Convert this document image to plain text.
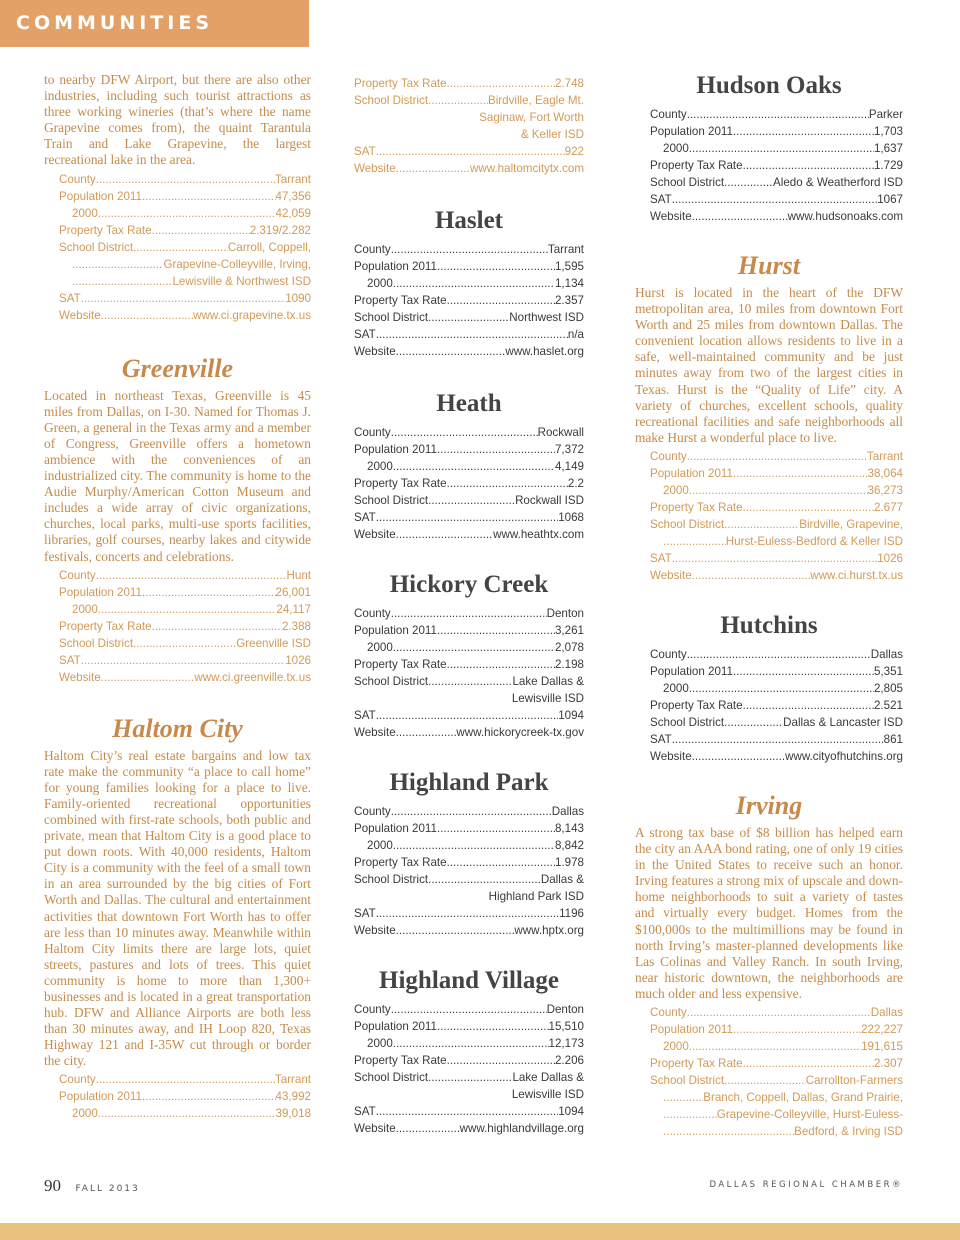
COMMUNITIES

to nearby DFW Airport, but there are also other industries, including such tourist attractions as three working wineries (that’s where the name Grapevine comes from), the quaint Tarantula Train and Lake Grapevine, the largest recreational lake in the area.

County .....	Tarrant
Population 2011. .....	47,356
2000 .....	42,059
Property Tax Rate .....	2.319/2.282
School District .....	Carroll, Coppell,
.....
Grapevine-Colleyville, Irving,
.....
Lewisville & Northwest ISD
SAT .....	1090
Website .....	www.ci.grapevine.tx.us
Greenville

Located in northeast Texas, Greenville is 45 miles from Dallas, on I-30. Named for Thomas J. Green, a general in the Texas army and a member of Congress, Greenville offers a hometown ambience with the conveniences of an industrialized city. The community is home to the Audie Murphy/American Cotton Museum and includes a wide array of civic organizations, churches, local parks, multi-use sports facilities, libraries, golf courses, nearby lakes and citywide festivals, concerts and celebrations.

County .....	Hunt
Population 2011. .....	26,001
2000 .....	24,117
Property Tax Rate .....	2.388
School District .....	Greenville ISD
SAT .....	1026
Website .....	www.ci.greenville.tx.us
Haltom City

Haltom City’s real estate bargains and low tax rate make the community “a place to call home” for young families looking for a place to live. Family-oriented recreational opportunities combined with first-rate schools, both public and private, mean that Haltom City is a good place to put down roots. With 40,000 residents, Haltom City is a community with the feel of a small town in an area surrounded by the big cities of Fort Worth and Dallas. The cultural and entertainment activities that downtown Fort Worth has to offer are less than 10 minutes away. Meanwhile within Haltom City limits there are large lots, quiet streets, pastures and lots of trees. This quiet community is home to more than 1,300+ businesses and is located in a great transportation hub. DFW and Alliance Airports are both less than 30 minutes away, and IH Loop 820, Texas Highway 121 and I-35W cut through or border the city.

County .....	Tarrant
Population 2011. .....	43,992
2000 .....	39,018
Property Tax Rate .....	2.748
School District .....	Birdville, Eagle Mt.
Saginaw, Fort Worth
& Keller ISD
SAT .....	922
Website .....	www.haltomcitytx.com
Haslet
County .....	Tarrant
Population 2011. .....	1,595
2000 .....	1,134
Property Tax Rate .....	2.357
School District .....	Northwest ISD
SAT .....	n/a
Website .....	www.haslet.org
Heath
County .....	Rockwall
Population 2011. .....	7,372
2000 .....	4,149
Property Tax Rate .....	2.2
School District .....	Rockwall ISD
SAT .....	1068
Website .....	www.heathtx.com
Hickory Creek
County .....	Denton
Population 2011. .....	3,261
2000 .....	2,078
Property Tax Rate .....	2.198
School District .....	Lake Dallas &
Lewisville ISD
SAT .....	1094
Website .....	www.hickorycreek-tx.gov
Highland Park
County .....	Dallas
Population 2011. .....	8,143
2000 .....	8,842
Property Tax Rate .....	1.978
School District .....	Dallas &
Highland Park ISD
SAT .....	1196
Website .....	www.hptx.org
Highland Village
County .....	Denton
Population 2011. .....	15,510
2000 .....	12,173
Property Tax Rate .....	2.206
School District .....	Lake Dallas &
Lewisville ISD
SAT .....	1094
Website .....	www.highlandvillage.org
Hudson Oaks
County .....	Parker
Population 2011. .....	1,703
2000 .....	1,637
Property Tax Rate .....	1.729
School District .....	Aledo & Weatherford ISD
SAT .....	1067
Website .....	www.hudsonoaks.com
Hurst

Hurst is located in the heart of the DFW metropolitan area, 10 miles from downtown Fort Worth and 25 miles from downtown Dallas. The convenient location allows residents to live in a safe, well-maintained community and be just minutes away from two of the largest cities in Texas. Hurst is the “Quality of Life” city. A variety of churches, excellent schools, quality recreational facilities and safe neighborhoods all make Hurst a wonderful place to live.

County .....	Tarrant
Population 2011. .....	38,064
2000 .....	36,273
Property Tax Rate .....	2.677
School District .....	Birdville, Grapevine,
.....
Hurst-Euless-Bedford & Keller ISD
SAT .....	1026
Website .....	www.ci.hurst.tx.us
Hutchins
County .....	Dallas
Population 2011. .....	5,351
2000 .....	2,805
Property Tax Rate .....	2.521
School District .....	Dallas & Lancaster ISD
SAT .....	861
Website .....	www.cityofhutchins.org
Irving

A strong tax base of $8 billion has helped earn the city an AAA bond rating, one of only 19 cities in the United States to receive such an honor. Irving features a strong mix of upscale and down-home neighborhoods to suit a variety of tastes and virtually every budget. Homes from the $100,000s to the multimillions may be found in north Irving’s master-planned developments like Las Colinas and Valley Ranch. In south Irving, near historic downtown, the neighborhoods are much older and less expensive.

County .....	Dallas
Population 2011. .....	222,227
2000 .....	191,615
Property Tax Rate .....	2.307
School District .....	Carrollton-Farmers
.....
Branch, Coppell, Dallas, Grand Prairie,
.....
Grapevine-Colleyville, Hurst-Euless-
.....
Bedford, & Irving ISD
90 FALL 2013	DALLAS REGIONAL CHAMBER®
